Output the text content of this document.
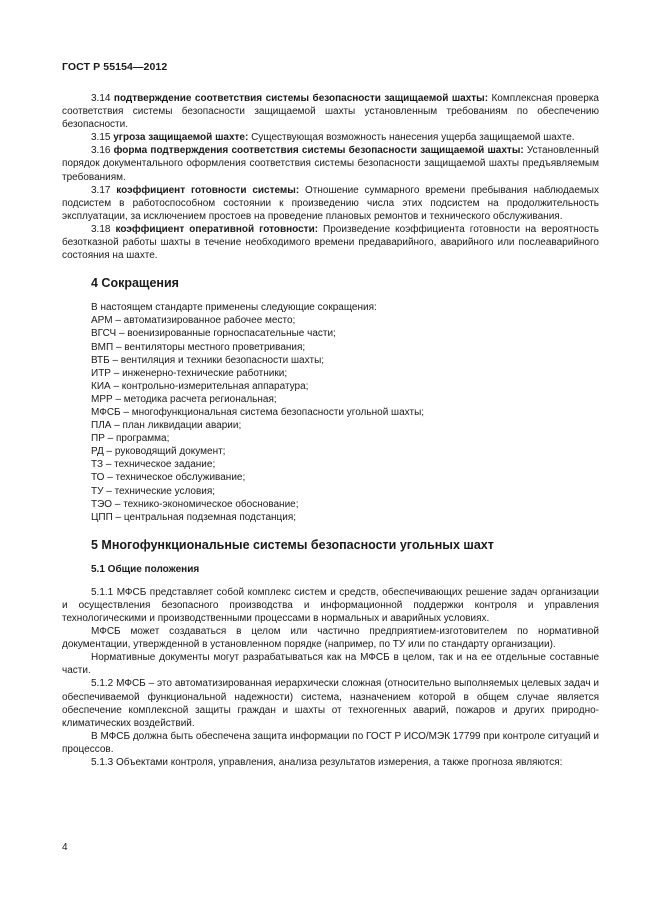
ГОСТ Р 55154—2012

3.14 подтверждение соответствия системы безопасности защищаемой шахты: Комплексная проверка соответствия системы безопасности защищаемой шахты установленным требованиям по обеспечению безопасности.

3.15 угроза защищаемой шахте: Существующая возможность нанесения ущерба защищаемой шахте.

3.16 форма подтверждения соответствия системы безопасности защищаемой шахты: Установленный порядок документального оформления соответствия системы безопасности защищаемой шахты предъявляемым требованиям.

3.17 коэффициент готовности системы: Отношение суммарного времени пребывания наблюдаемых подсистем в работоспособном состоянии к произведению числа этих подсистем на продолжительность эксплуатации, за исключением простоев на проведение плановых ремонтов и технического обслуживания.

3.18 коэффициент оперативной готовности: Произведение коэффициента готовности на вероятность безотказной работы шахты в течение необходимого времени предаварийного, аварийного или послеаварийного состояния на шахте.

4 Сокращения

В настоящем стандарте применены следующие сокращения:

АРМ – автоматизированное рабочее место;

ВГСЧ – военизированные горноспасательные части;

ВМП – вентиляторы местного проветривания;

ВТБ – вентиляция и техники безопасности шахты;

ИТР – инженерно-технические работники;

КИА – контрольно-измерительная аппаратура;

МРР – методика расчета региональная;

МФСБ – многофункциональная система безопасности угольной шахты;

ПЛА – план ликвидации аварии;

ПР – программа;

РД – руководящий документ;

ТЗ – техническое задание;

ТО – техническое обслуживание;

ТУ – технические условия;

ТЭО – технико-экономическое обоснование;

ЦПП – центральная подземная подстанция;

5 Многофункциональные системы безопасности угольных шахт
5.1 Общие положения

5.1.1 МФСБ представляет собой комплекс систем и средств, обеспечивающих решение задач организации и осуществления безопасного производства и информационной поддержки контроля и управления технологическими и производственными процессами в нормальных и аварийных условиях.

МФСБ может создаваться в целом или частично предприятием-изготовителем по нормативной документации, утвержденной в установленном порядке (например, по ТУ или по стандарту организации).

Нормативные документы могут разрабатываться как на МФСБ в целом, так и на ее отдельные составные части.

5.1.2 МФСБ – это автоматизированная иерархически сложная (относительно выполняемых целевых задач и обеспечиваемой функциональной надежности) система, назначением которой в общем случае является обеспечение комплексной защиты граждан и шахты от техногенных аварий, пожаров и других природно-климатических воздействий.

В МФСБ должна быть обеспечена защита информации по ГОСТ Р ИСО/МЭК 17799 при контроле ситуаций и процессов.

5.1.3 Объектами контроля, управления, анализа результатов измерения, а также прогноза являются:

4
